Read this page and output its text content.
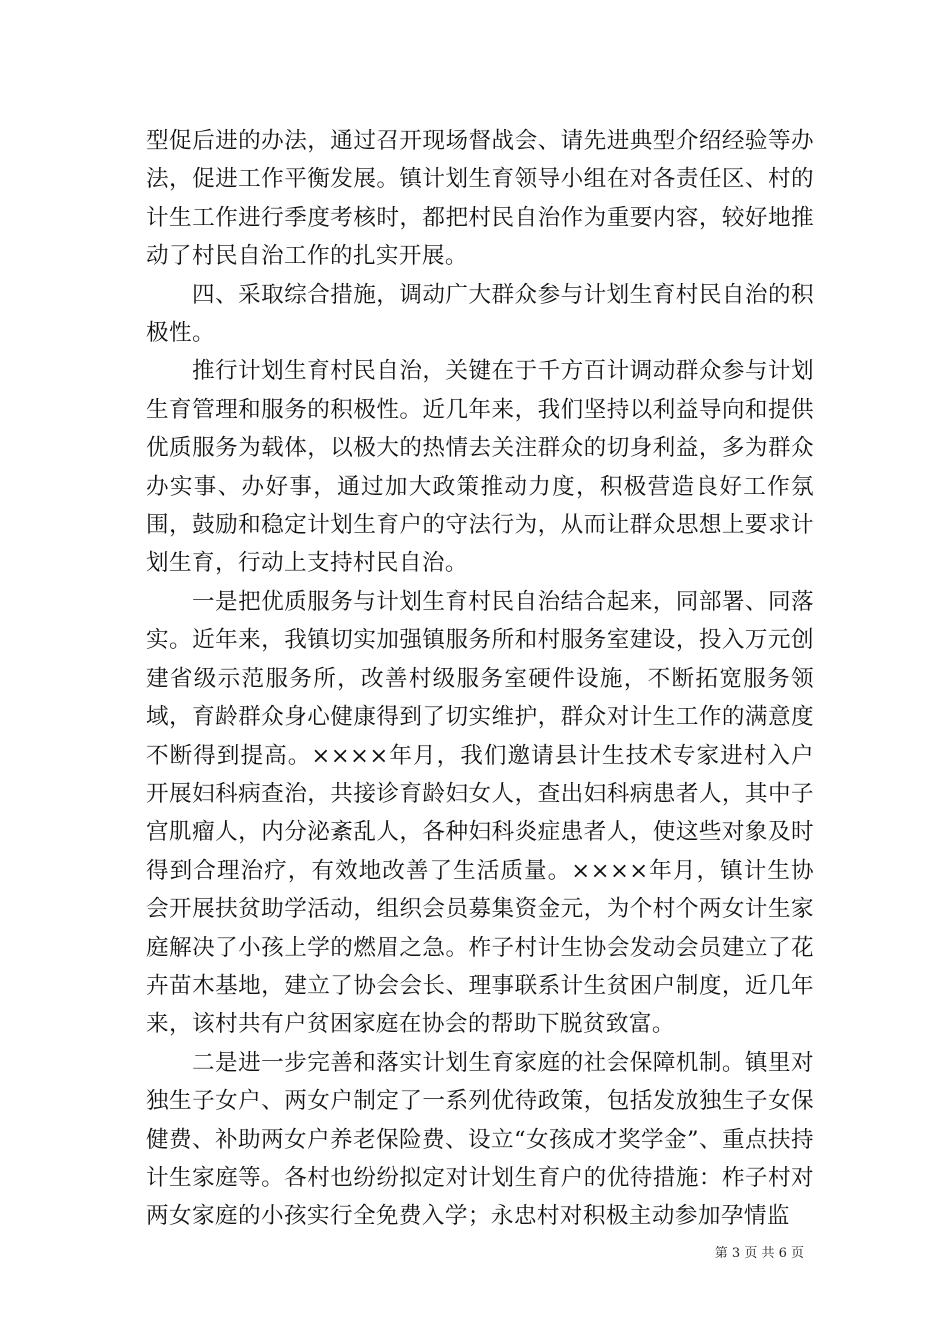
型促后进的办法，通过召开现场督战会、请先进典型介绍经验等办法，促进工作平衡发展。镇计划生育领导小组在对各责任区、村的计生工作进行季度考核时，都把村民自治作为重要内容，较好地推动了村民自治工作的扎实开展。

四、采取综合措施，调动广大群众参与计划生育村民自治的积极性。

推行计划生育村民自治，关键在于千方百计调动群众参与计划生育管理和服务的积极性。近几年来，我们坚持以利益导向和提供优质服务为载体，以极大的热情去关注群众的切身利益，多为群众办实事、办好事，通过加大政策推动力度，积极营造良好工作氛围，鼓励和稳定计划生育户的守法行为，从而让群众思想上要求计划生育，行动上支持村民自治。

一是把优质服务与计划生育村民自治结合起来，同部署、同落实。近年来，我镇切实加强镇服务所和村服务室建设，投入万元创建省级示范服务所，改善村级服务室硬件设施，不断拓宽服务领域，育龄群众身心健康得到了切实维护，群众对计生工作的满意度不断得到提高。××××年月，我们邀请县计生技术专家进村入户开展妇科病查治，共接诊育龄妇女人，查出妇科病患者人，其中子宫肌瘤人，内分泌紊乱人，各种妇科炎症患者人，使这些对象及时得到合理治疗，有效地改善了生活质量。××××年月，镇计生协会开展扶贫助学活动，组织会员募集资金元，为个村个两女计生家庭解决了小孩上学的燃眉之急。柞子村计生协会发动会员建立了花卉苗木基地，建立了协会会长、理事联系计生贫困户制度，近几年来，该村共有户贫困家庭在协会的帮助下脱贫致富。

二是进一步完善和落实计划生育家庭的社会保障机制。镇里对独生子女户、两女户制定了一系列优待政策，包括发放独生子女保健费、补助两女户养老保险费、设立“女孩成才奖学金”、重点扶持计生家庭等。各村也纷纷拟定对计划生育户的优待措施：柞子村对两女家庭的小孩实行全免费入学；永忠村对积极主动参加孕情监

第 3 页 共 6 页
